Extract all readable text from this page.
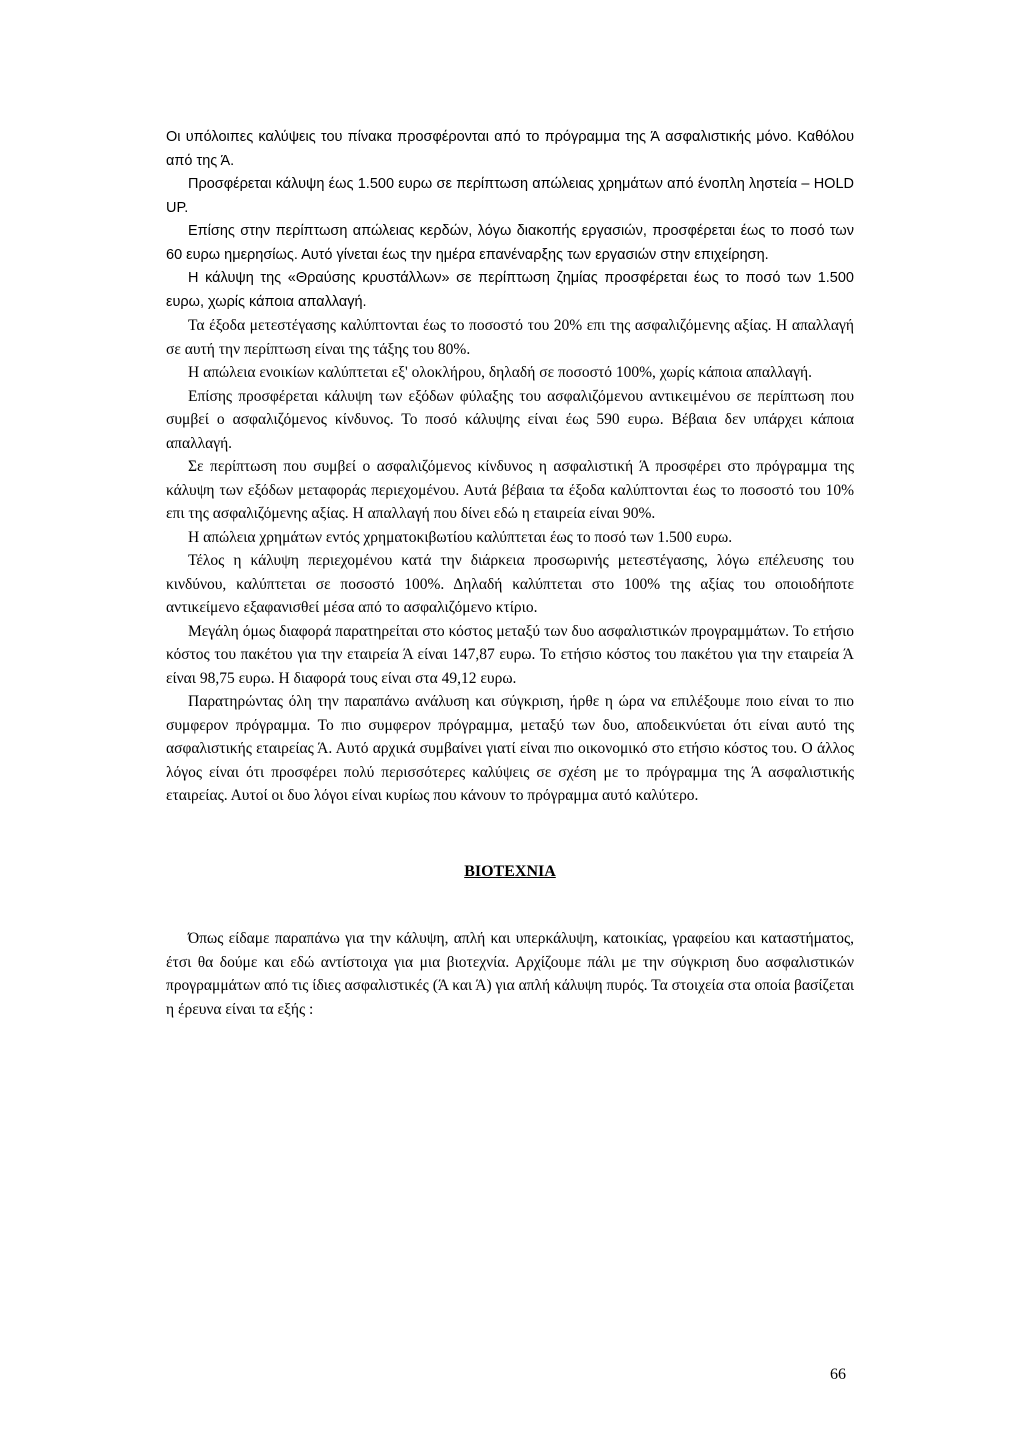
Οι υπόλοιπες καλύψεις του πίνακα προσφέρονται από το πρόγραμμα της Ά ασφαλιστικής μόνο. Καθόλου από της Ά.

Προσφέρεται κάλυψη έως 1.500 ευρω σε περίπτωση απώλειας χρημάτων από ένοπλη ληστεία – HOLD UP.

Επίσης στην περίπτωση απώλειας κερδών, λόγω διακοπής εργασιών, προσφέρεται έως το ποσό των 60 ευρω ημερησίως. Αυτό γίνεται έως την ημέρα επανέναρξης των εργασιών στην επιχείρηση.

Η κάλυψη της «Θραύσης κρυστάλλων» σε περίπτωση ζημίας προσφέρεται έως το ποσό των 1.500 ευρω, χωρίς κάποια απαλλαγή.

Τα έξοδα μετεστέγασης καλύπτονται έως το ποσοστό του 20% επι της ασφαλιζόμενης αξίας. Η απαλλαγή σε αυτή την περίπτωση είναι της τάξης του 80%.

Η απώλεια ενοικίων καλύπτεται εξ' ολοκλήρου, δηλαδή σε ποσοστό 100%, χωρίς κάποια απαλλαγή.

Επίσης προσφέρεται κάλυψη των εξόδων φύλαξης του ασφαλιζόμενου αντικειμένου σε περίπτωση που συμβεί ο ασφαλιζόμενος κίνδυνος. Το ποσό κάλυψης είναι έως 590 ευρω. Βέβαια δεν υπάρχει κάποια απαλλαγή.

Σε περίπτωση που συμβεί ο ασφαλιζόμενος κίνδυνος η ασφαλιστική Ά προσφέρει στο πρόγραμμα της κάλυψη των εξόδων μεταφοράς περιεχομένου. Αυτά βέβαια τα έξοδα καλύπτονται έως το ποσοστό του 10% επι της ασφαλιζόμενης αξίας. Η απαλλαγή που δίνει εδώ η εταιρεία είναι 90%.

Η απώλεια χρημάτων εντός χρηματοκιβωτίου καλύπτεται έως το ποσό των 1.500 ευρω.

Τέλος η κάλυψη περιεχομένου κατά την διάρκεια προσωρινής μετεστέγασης, λόγω επέλευσης του κινδύνου, καλύπτεται σε ποσοστό 100%. Δηλαδή καλύπτεται στο 100% της αξίας του οποιοδήποτε αντικείμενο εξαφανισθεί μέσα από το ασφαλιζόμενο κτίριο.

Μεγάλη όμως διαφορά παρατηρείται στο κόστος μεταξύ των δυο ασφαλιστικών προγραμμάτων. Το ετήσιο κόστος του πακέτου για την εταιρεία Ά είναι 147,87 ευρω. Το ετήσιο κόστος του πακέτου για την εταιρεία Ά είναι 98,75 ευρω. Η διαφορά τους είναι στα 49,12 ευρω.

Παρατηρώντας όλη την παραπάνω ανάλυση και σύγκριση, ήρθε η ώρα να επιλέξουμε ποιο είναι το πιο συμφερον πρόγραμμα. Το πιο συμφερον πρόγραμμα, μεταξύ των δυο, αποδεικνύεται ότι είναι αυτό της ασφαλιστικής εταιρείας Ά. Αυτό αρχικά συμβαίνει γιατί είναι πιο οικονομικό στο ετήσιο κόστος του. Ο άλλος λόγος είναι ότι προσφέρει πολύ περισσότερες καλύψεις σε σχέση με το πρόγραμμα της Ά ασφαλιστικής εταιρείας. Αυτοί οι δυο λόγοι είναι κυρίως που κάνουν το πρόγραμμα αυτό καλύτερο.

ΒΙΟΤΕΧΝΙΑ

Όπως είδαμε παραπάνω για την κάλυψη, απλή και υπερκάλυψη, κατοικίας, γραφείου και καταστήματος, έτσι θα δούμε και εδώ αντίστοιχα για μια βιοτεχνία. Αρχίζουμε πάλι με την σύγκριση δυο ασφαλιστικών προγραμμάτων από τις ίδιες ασφαλιστικές (Ά και Ά) για απλή κάλυψη πυρός. Τα στοιχεία στα οποία βασίζεται η έρευνα είναι τα εξής :

66
